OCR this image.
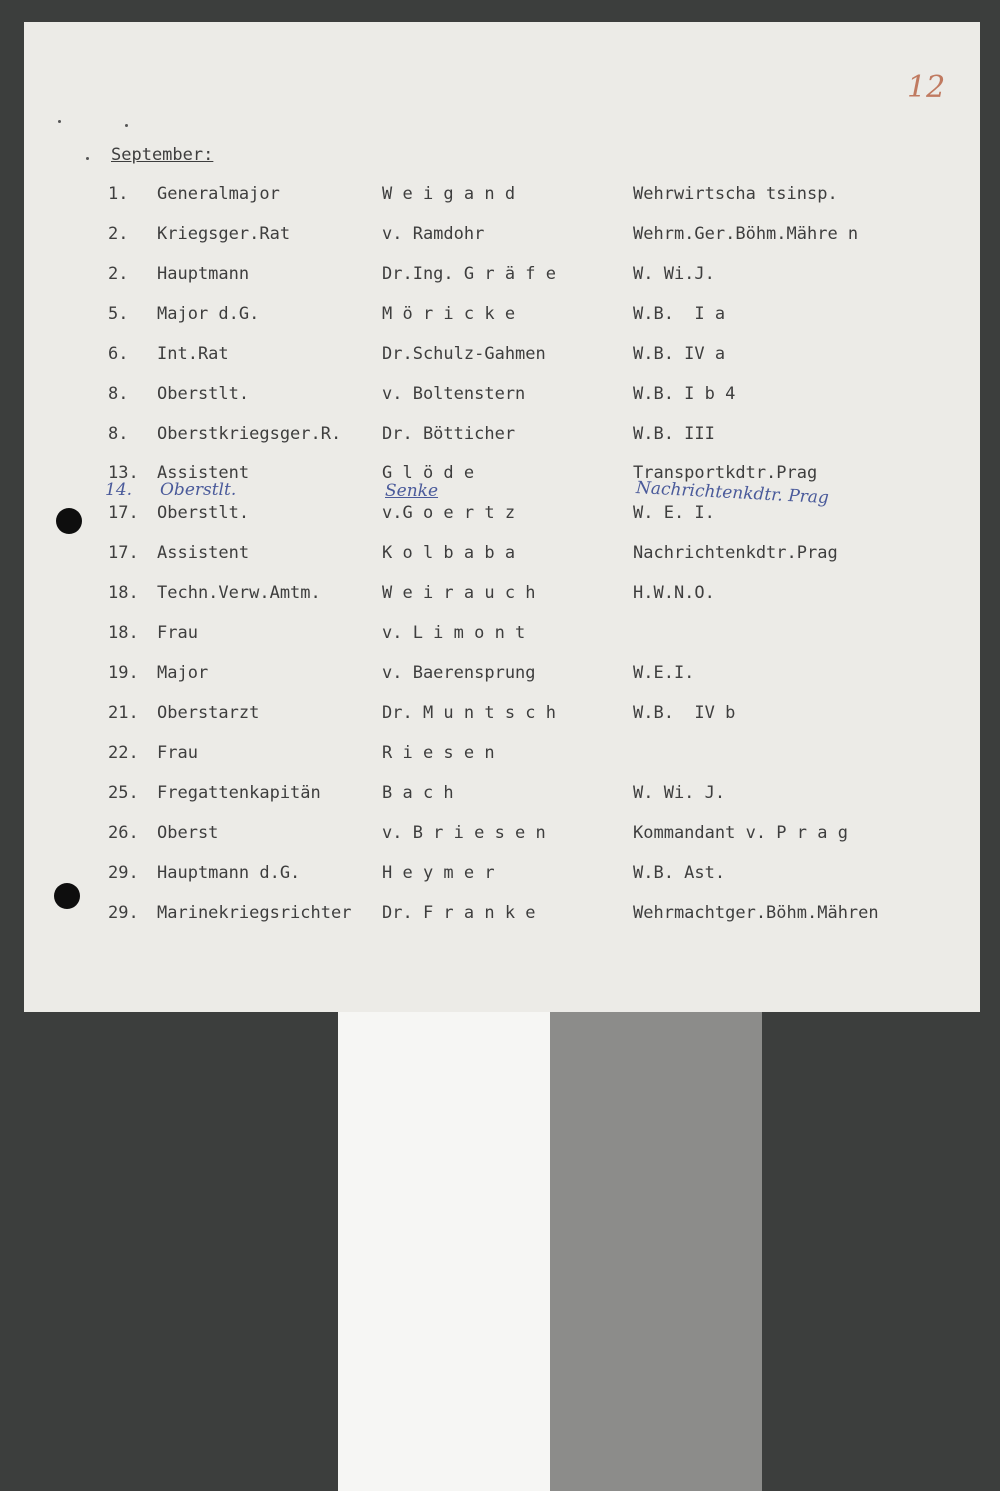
12
September:
1. Generalmajor	W e i g a n d	Wehrwirtscha tsinsp.
2. Kriegsger.Rat	v. Ramdohr	Wehrm.Ger.Böhm.Mähre n
2. Hauptmann	Dr.Ing. G r ä f e	W. Wi.J.
5. Major d.G.	M ö r i c k e	W.B.  I a
6. Int.Rat	Dr.Schulz-Gahmen	W.B. IV a
8. Oberstlt.	v. Boltenstern	W.B. I b 4
8. Oberstkriegsger.R. Dr. Bötticher	W.B. III
13. Assistent	G l ö d e	Transportkdtr.Prag
17. Oberstlt.	v.G o e r t z	W. E. I.
17. Assistent	K o l b a b a	Nachrichtenkdtr.Prag
18. Techn.Verw.Amtm.	W e i r a u c h	H.W.N.O.
18. Frau	v. L i m o n t
19. Major	v. Baerensprung	W.E.I.
21. Oberstarzt	Dr. M u n t s c h	W.B.  IV b
22. Frau	R i e s e n
25. Fregattenkapitän	B a c h	W. Wi. J.
26. Oberst	v. B r i e s e n	Kommandant v. P r a g
29. Hauptmann d.G.	H e y m e r	W.B. Ast.
29. Marinekriegsrichter Dr. F r a n k e	Wehrmachtger.Böhm.Mähren
14. Oberstlt.	Senke	Nachrichtenkdtr. Prag
